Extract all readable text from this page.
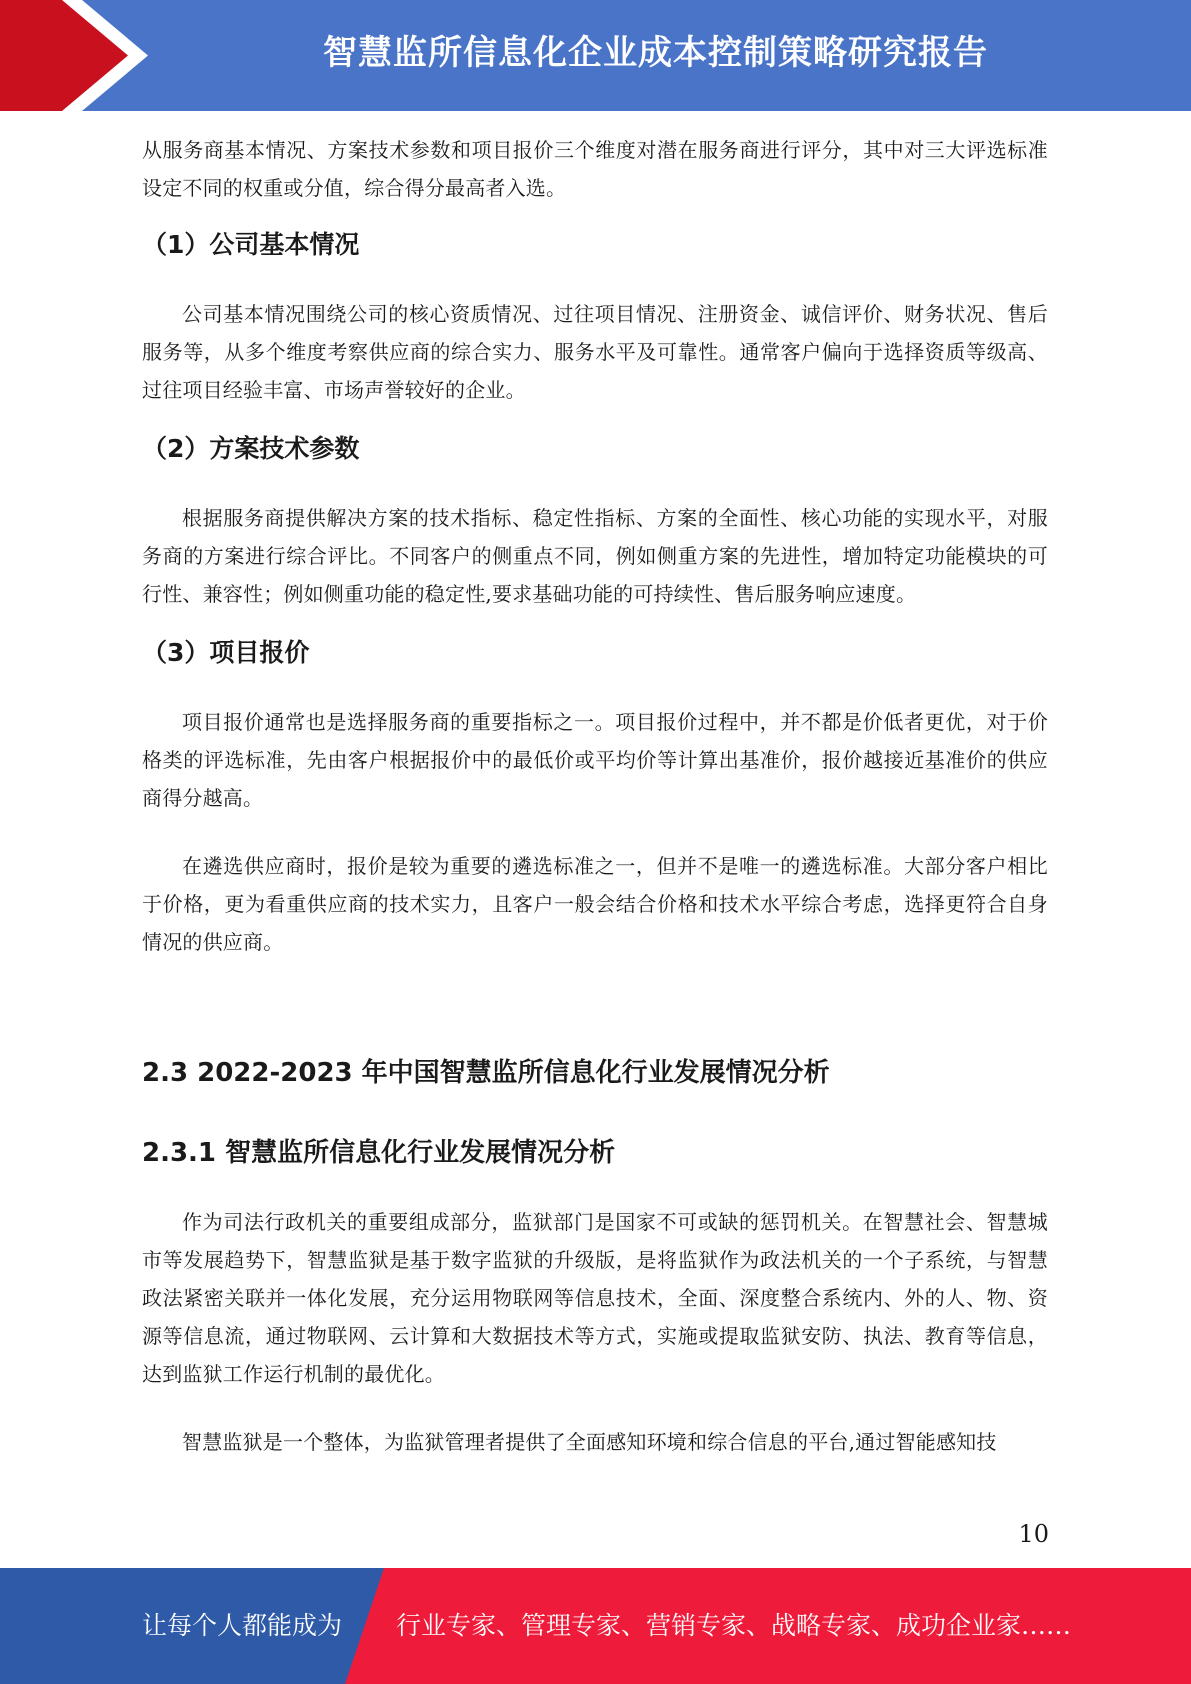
智慧监所信息化企业成本控制策略研究报告

从服务商基本情况、方案技术参数和项目报价三个维度对潜在服务商进行评分，其中对三大评选标准设定不同的权重或分值，综合得分最高者入选。

（1）公司基本情况

公司基本情况围绕公司的核心资质情况、过往项目情况、注册资金、诚信评价、财务状况、售后服务等，从多个维度考察供应商的综合实力、服务水平及可靠性。通常客户偏向于选择资质等级高、过往项目经验丰富、市场声誉较好的企业。

（2）方案技术参数

根据服务商提供解决方案的技术指标、稳定性指标、方案的全面性、核心功能的实现水平，对服务商的方案进行综合评比。不同客户的侧重点不同，例如侧重方案的先进性，增加特定功能模块的可行性、兼容性；例如侧重功能的稳定性,要求基础功能的可持续性、售后服务响应速度。

（3）项目报价

项目报价通常也是选择服务商的重要指标之一。项目报价过程中，并不都是价低者更优，对于价格类的评选标准，先由客户根据报价中的最低价或平均价等计算出基准价，报价越接近基准价的供应商得分越高。

在遴选供应商时，报价是较为重要的遴选标准之一，但并不是唯一的遴选标准。大部分客户相比于价格，更为看重供应商的技术实力，且客户一般会结合价格和技术水平综合考虑，选择更符合自身情况的供应商。

2.3 2022-2023 年中国智慧监所信息化行业发展情况分析
2.3.1 智慧监所信息化行业发展情况分析

作为司法行政机关的重要组成部分，监狱部门是国家不可或缺的惩罚机关。在智慧社会、智慧城市等发展趋势下，智慧监狱是基于数字监狱的升级版，是将监狱作为政法机关的一个子系统，与智慧政法紧密关联并一体化发展，充分运用物联网等信息技术，全面、深度整合系统内、外的人、物、资源等信息流，通过物联网、云计算和大数据技术等方式，实施或提取监狱安防、执法、教育等信息，达到监狱工作运行机制的最优化。

智慧监狱是一个整体，为监狱管理者提供了全面感知环境和综合信息的平台,通过智能感知技

10
让每个人都能成为 行业专家、管理专家、营销专家、战略专家、成功企业家……
